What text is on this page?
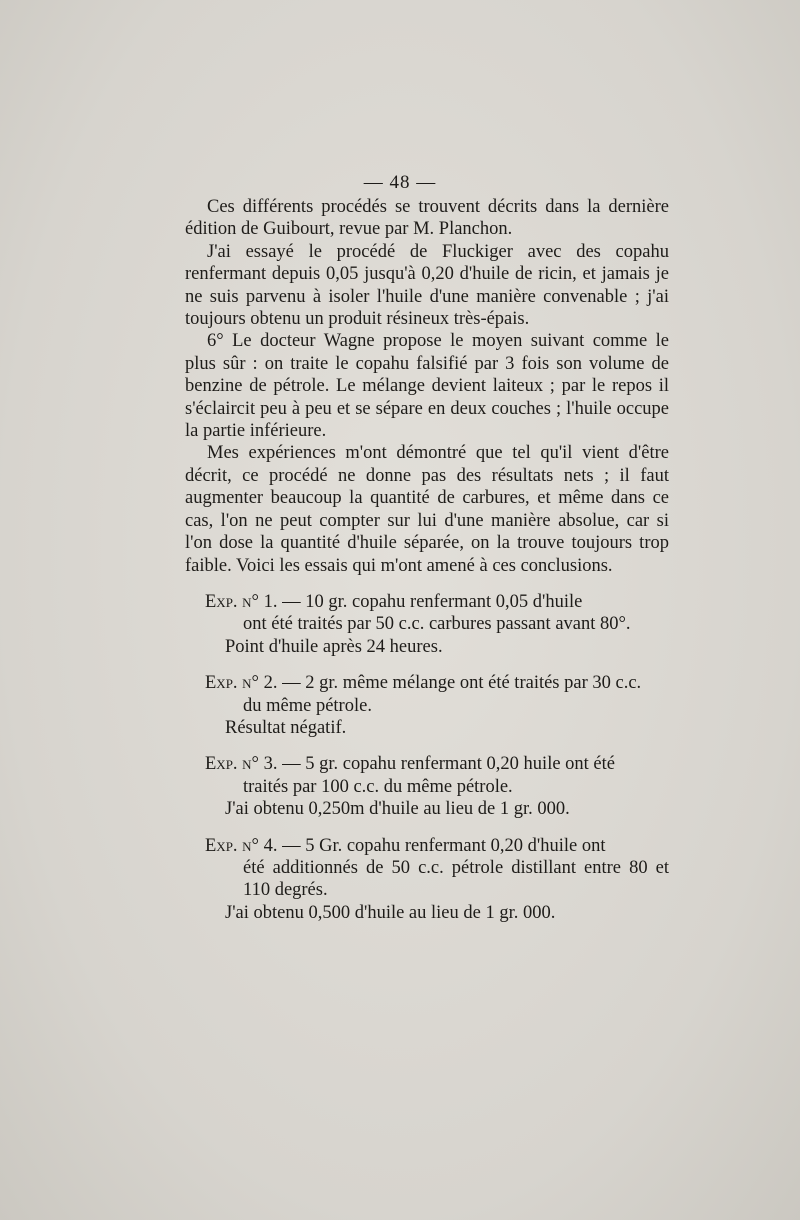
— 48 —

Ces différents procédés se trouvent décrits dans la dernière édition de Guibourt, revue par M. Planchon.

J'ai essayé le procédé de Fluckiger avec des copahu renfermant depuis 0,05 jusqu'à 0,20 d'huile de ricin, et jamais je ne suis parvenu à isoler l'huile d'une manière convenable ; j'ai toujours obtenu un produit résineux très-épais.

6° Le docteur Wagne propose le moyen suivant comme le plus sûr : on traite le copahu falsifié par 3 fois son volume de benzine de pétrole. Le mélange devient laiteux ; par le repos il s'éclaircit peu à peu et se sépare en deux couches ; l'huile occupe la partie inférieure.

Mes expériences m'ont démontré que tel qu'il vient d'être décrit, ce procédé ne donne pas des résultats nets ; il faut augmenter beaucoup la quantité de carbures, et même dans ce cas, l'on ne peut compter sur lui d'une manière absolue, car si l'on dose la quantité d'huile séparée, on la trouve toujours trop faible. Voici les essais qui m'ont amené à ces conclusions.

Exp. n° 1. — 10 gr. copahu renfermant 0,05 d'huile

ont été traités par 50 c.c. carbures passant avant 80°.

Point d'huile après 24 heures.

Exp. n° 2. — 2 gr. même mélange ont été traités par 30 c.c.

du même pétrole.

Résultat négatif.

Exp. n° 3. — 5 gr. copahu renfermant 0,20 huile ont été

traités par 100 c.c. du même pétrole.

J'ai obtenu 0,250m d'huile au lieu de 1 gr. 000.

Exp. n° 4. — 5 Gr. copahu renfermant 0,20 d'huile ont

été additionnés de 50 c.c. pétrole distillant entre 80 et 110 degrés.

J'ai obtenu 0,500 d'huile au lieu de 1 gr. 000.
